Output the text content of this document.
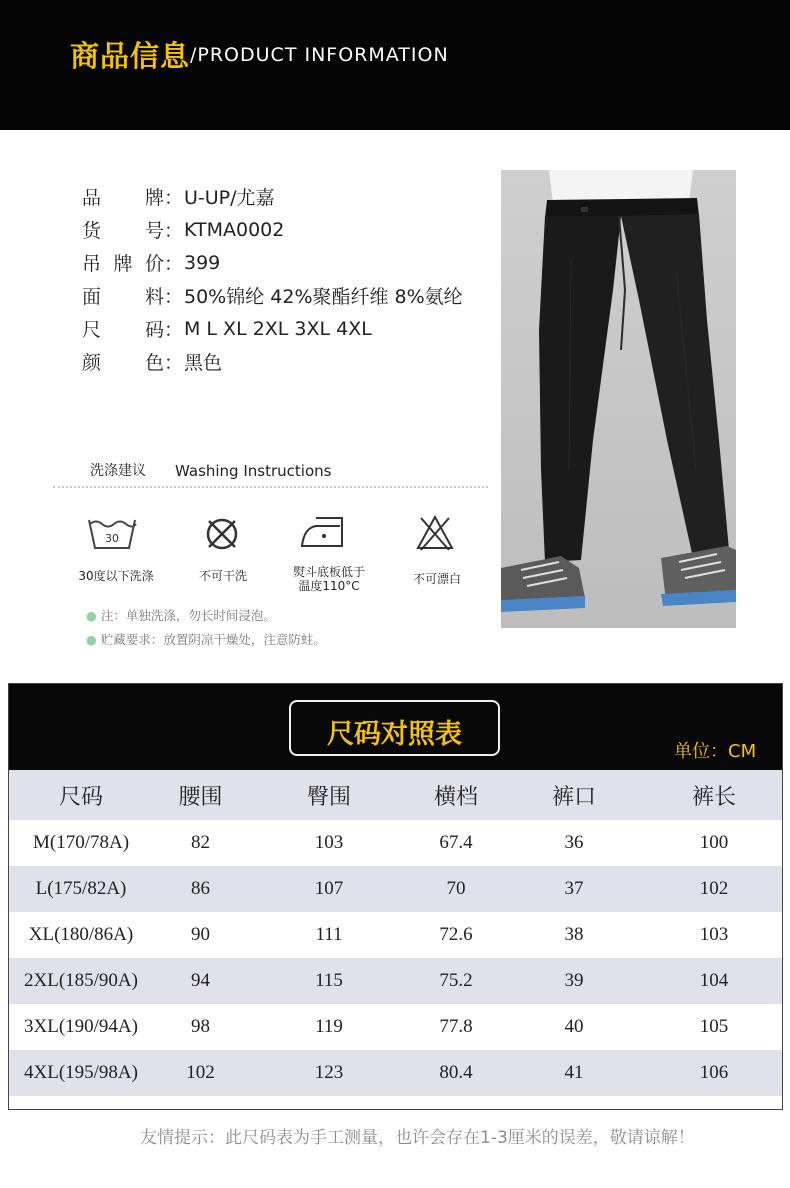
商品信息 /PRODUCT INFORMATION
品 牌 ： U-UP/尤嘉
货 号 ： KTMA0002
吊 牌 价 ： 399
面 料 ： 50%锦纶 42%聚酯纤维 8%氨纶
尺 码 ： M L XL 2XL 3XL 4XL
颜 色 ： 黑色
洗涤建议 Washing Instructions
30
30度以下洗涤	不可干洗	熨斗底板低于
温度110°C	不可漂白
● 注：单独洗涤，勿长时间浸泡。
● 贮藏要求：放置阴凉干燥处，注意防蛀。
尺码对照表
单位：CM
尺码	腰围	臀围	横档	裤口	裤长
M(170/78A)	82	103	67.4	36	100
L(175/82A)	86	107	70	37	102
XL(180/86A)	90	111	72.6	38	103
2XL(185/90A)	94	115	75.2	39	104
3XL(190/94A)	98	119	77.8	40	105
4XL(195/98A)	102	123	80.4	41	106
友情提示：此尺码表为手工测量，也许会存在1-3厘米的误差，敬请谅解！
